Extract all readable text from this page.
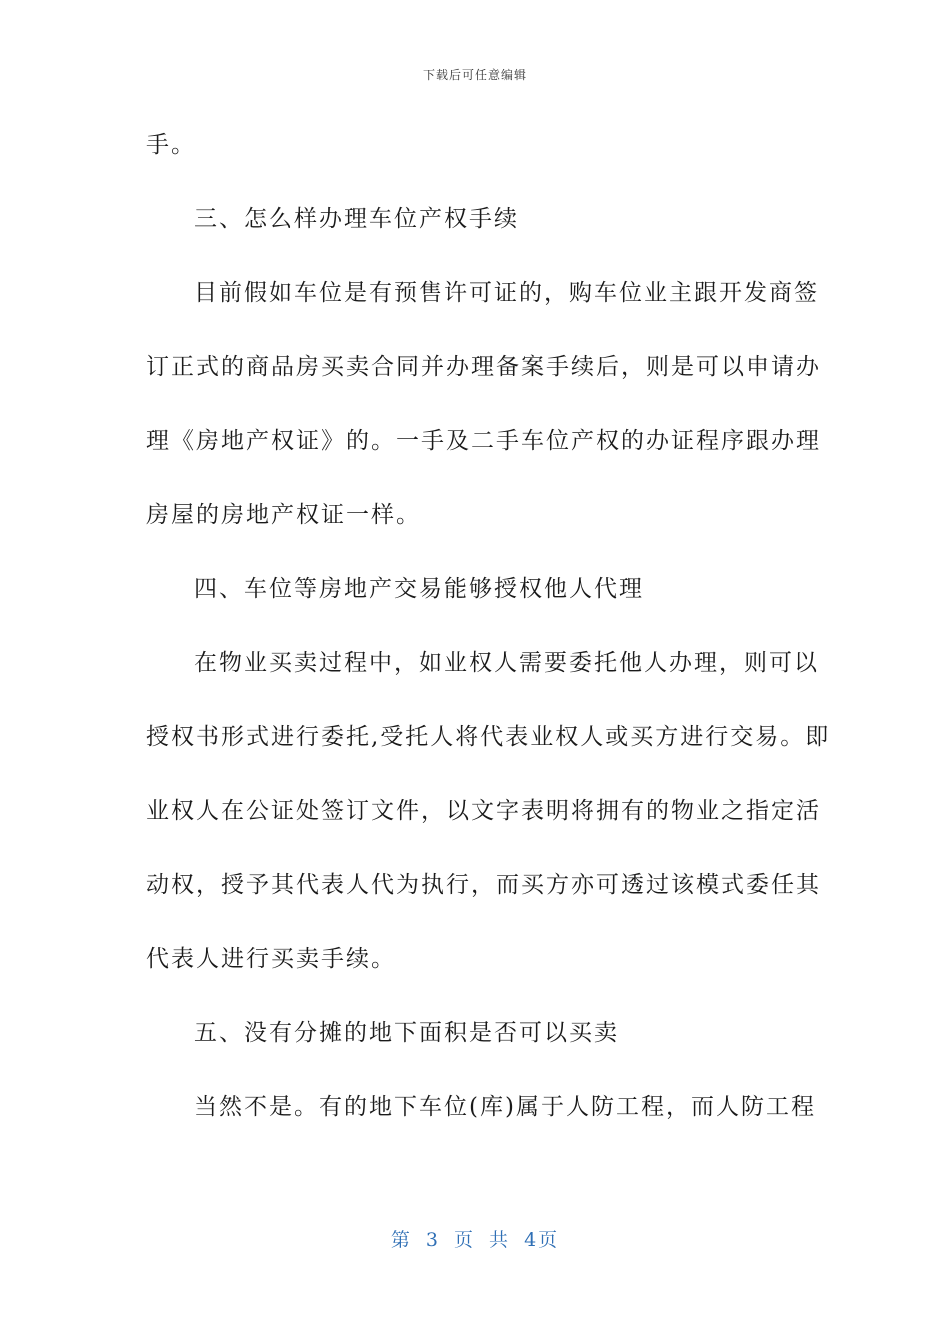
下载后可任意编辑
手。
三、怎么样办理车位产权手续
目前假如车位是有预售许可证的，购车位业主跟开发商签
订正式的商品房买卖合同并办理备案手续后，则是可以申请办
理《房地产权证》的。一手及二手车位产权的办证程序跟办理
房屋的房地产权证一样。
四、车位等房地产交易能够授权他人代理
在物业买卖过程中，如业权人需要委托他人办理，则可以
授权书形式进行委托,受托人将代表业权人或买方进行交易。即
业权人在公证处签订文件，以文字表明将拥有的物业之指定活
动权，授予其代表人代为执行，而买方亦可透过该模式委任其
代表人进行买卖手续。
五、没有分摊的地下面积是否可以买卖
当然不是。有的地下车位(库)属于人防工程，而人防工程
第 3 页 共 4页
